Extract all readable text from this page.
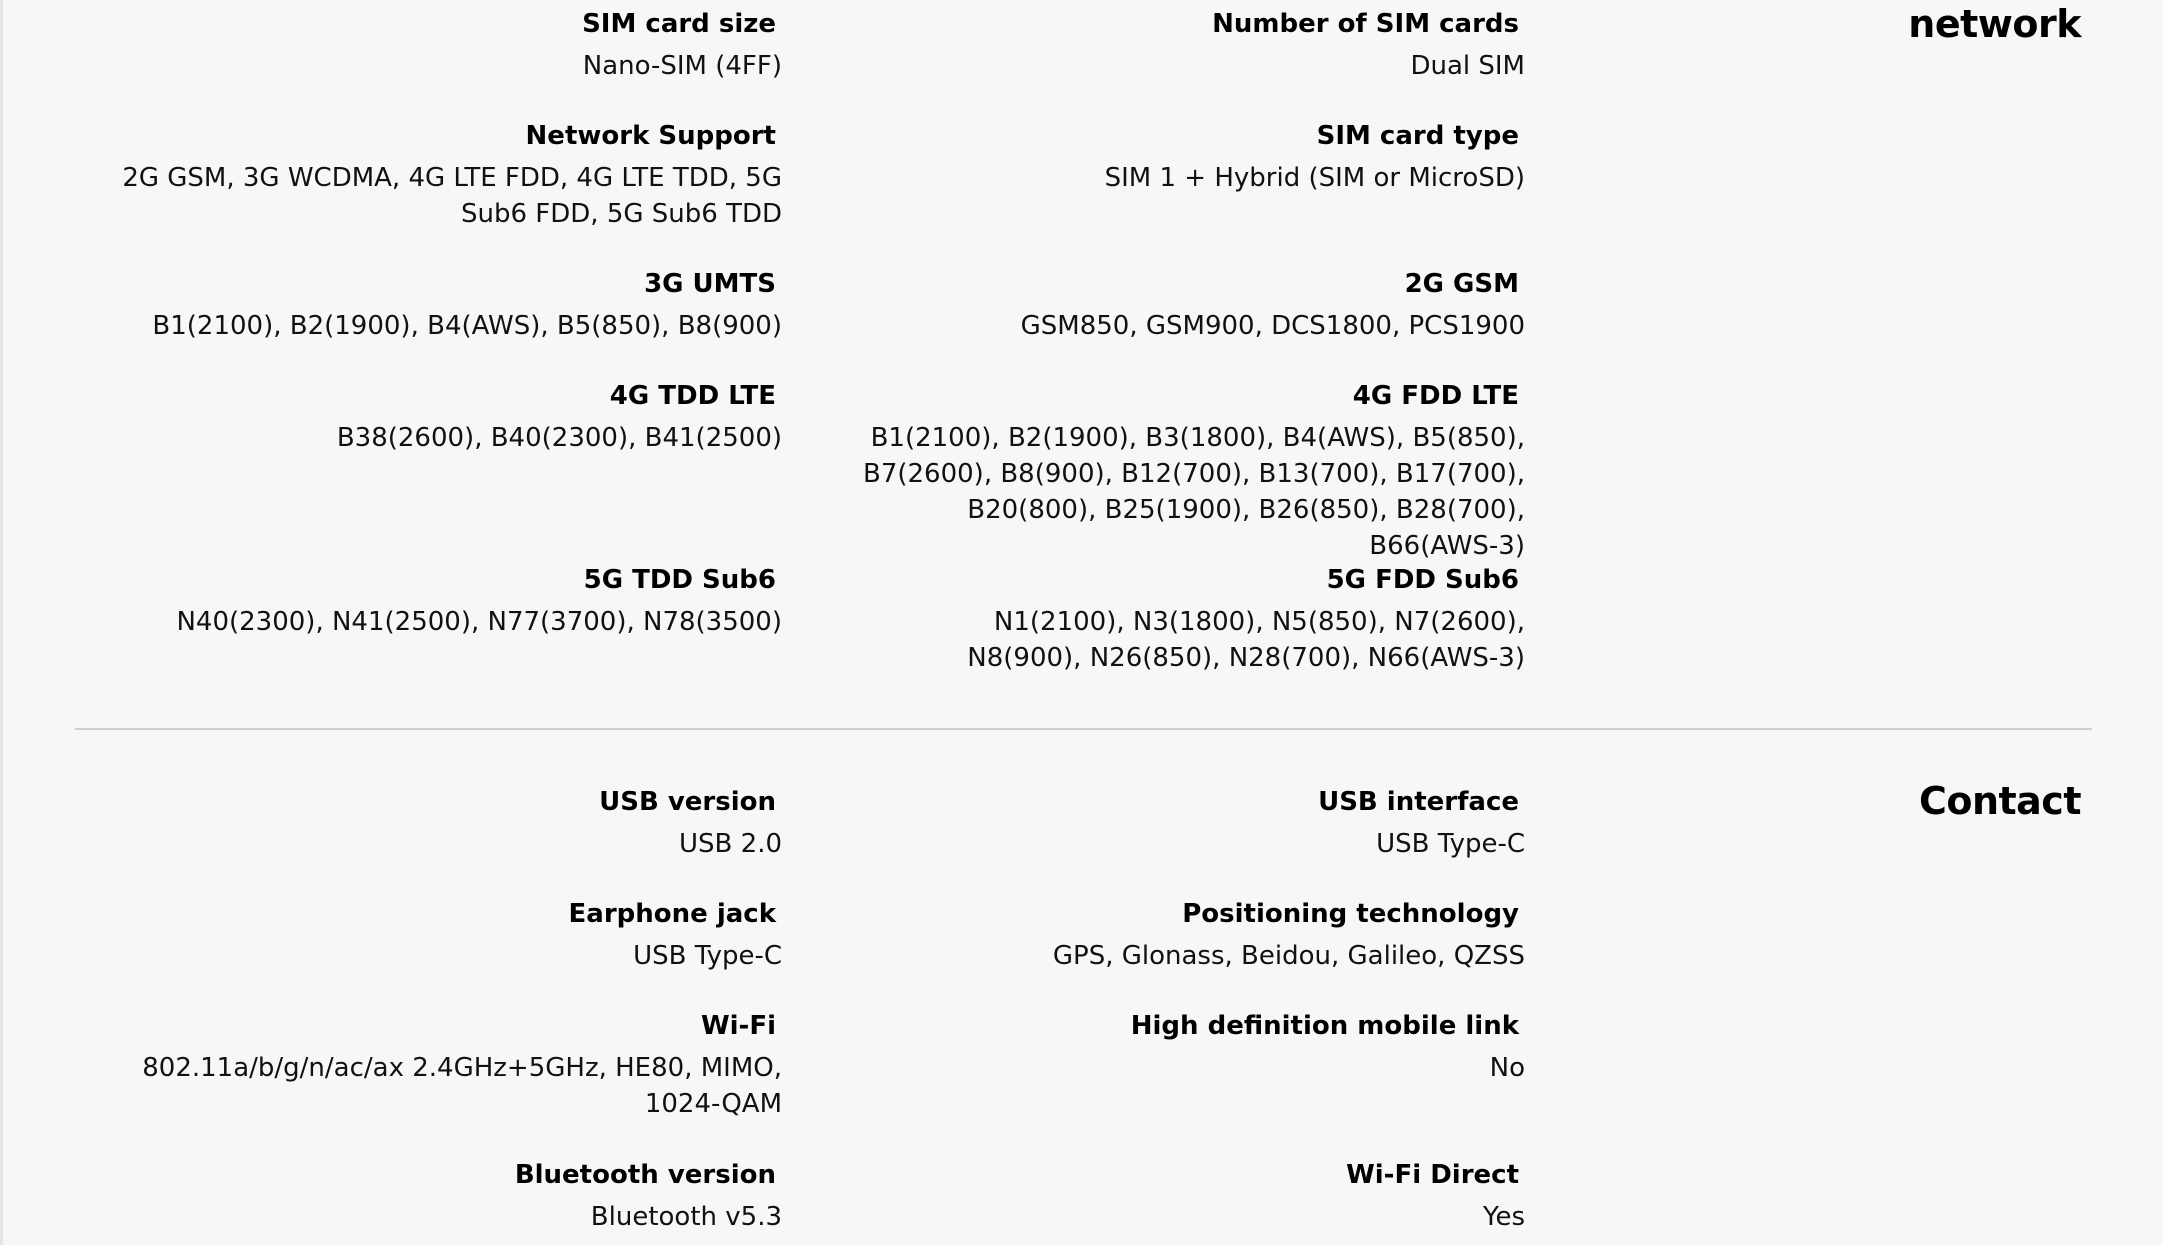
network
SIM card size
Nano-SIM (4FF)
Network Support
2G GSM, 3G WCDMA, 4G LTE FDD, 4G LTE TDD, 5G Sub6 FDD, 5G Sub6 TDD
3G UMTS
B1(2100), B2(1900), B4(AWS), B5(850), B8(900)
4G TDD LTE
B38(2600), B40(2300), B41(2500)
5G TDD Sub6
N40(2300), N41(2500), N77(3700), N78(3500)
Number of SIM cards
Dual SIM
SIM card type
SIM 1 + Hybrid (SIM or MicroSD)
2G GSM
GSM850, GSM900, DCS1800, PCS1900
4G FDD LTE
B1(2100), B2(1900), B3(1800), B4(AWS), B5(850), B7(2600), B8(900), B12(700), B13(700), B17(700), B20(800), B25(1900), B26(850), B28(700), B66(AWS-3)
5G FDD Sub6
N1(2100), N3(1800), N5(850), N7(2600), N8(900), N26(850), N28(700), N66(AWS-3)
Contact
USB version
USB 2.0
Earphone jack
USB Type-C
Wi-Fi
802.11a/b/g/n/ac/ax 2.4GHz+5GHz, HE80, MIMO, 1024-QAM
Bluetooth version
Bluetooth v5.3
USB interface
USB Type-C
Positioning technology
GPS, Glonass, Beidou, Galileo, QZSS
High definition mobile link
No
Wi-Fi Direct
Yes
